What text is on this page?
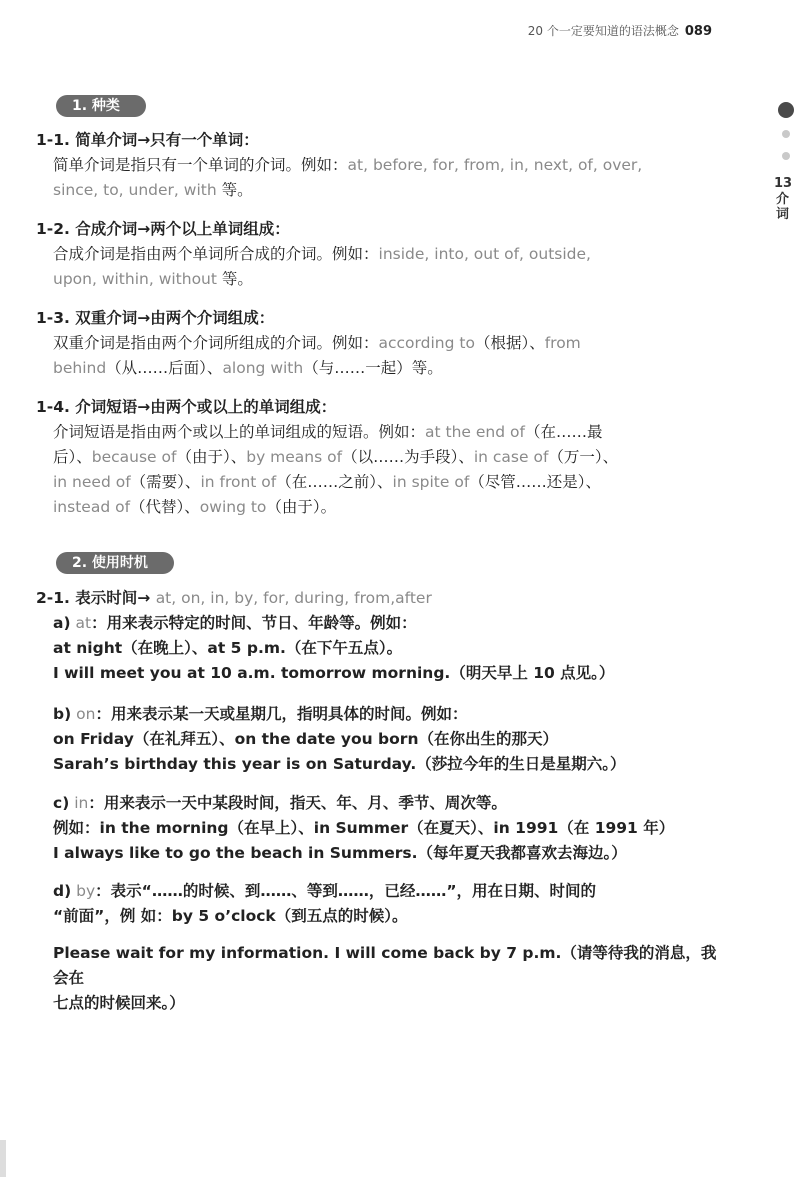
20 个一定要知道的语法概念 089
13
介词
1. 种类
1-1. 简单介词→只有一个单词：
简单介词是指只有一个单词的介词。例如：at, before, for, from, in, next, of, over,
since, to, under, with 等。
1-2. 合成介词→两个以上单词组成：
合成介词是指由两个单词所合成的介词。例如：inside, into, out of, outside,
upon, within, without 等。
1-3. 双重介词→由两个介词组成：
双重介词是指由两个介词所组成的介词。例如：according to（根据）、from
behind（从……后面）、along with（与……一起）等。
1-4. 介词短语→由两个或以上的单词组成：
介词短语是指由两个或以上的单词组成的短语。例如：at the end of（在……最
后）、because of（由于）、by means of（以……为手段）、in case of（万一）、
in need of（需要）、in front of（在……之前）、in spite of（尽管……还是）、
instead of（代替）、owing to（由于）。
2. 使用时机
2-1. 表示时间→ at, on, in, by, for, during, from,after
a) at：用来表示特定的时间、节日、年龄等。例如：
at night（在晚上）、at 5 p.m.（在下午五点）。
I will meet you at 10 a.m. tomorrow morning.（明天早上 10 点见。）
b) on：用来表示某一天或星期几，指明具体的时间。例如：
on Friday（在礼拜五）、on the date you born（在你出生的那天）
Sarah’s birthday this year is on Saturday.（莎拉今年的生日是星期六。）
c) in：用来表示一天中某段时间，指天、年、月、季节、周次等。
例如：in the morning（在早上）、in Summer（在夏天）、in 1991（在 1991 年）
I always like to go the beach in Summers.（每年夏天我都喜欢去海边。）
d) by：表示“……的时候、到……、等到……，已经……”，用在日期、时间的
“前面”，例 如：by 5 o’clock（到五点的时候）。
Please wait for my information. I will come back by 7 p.m.（请等待我的消息，我会在
七点的时候回来。）
